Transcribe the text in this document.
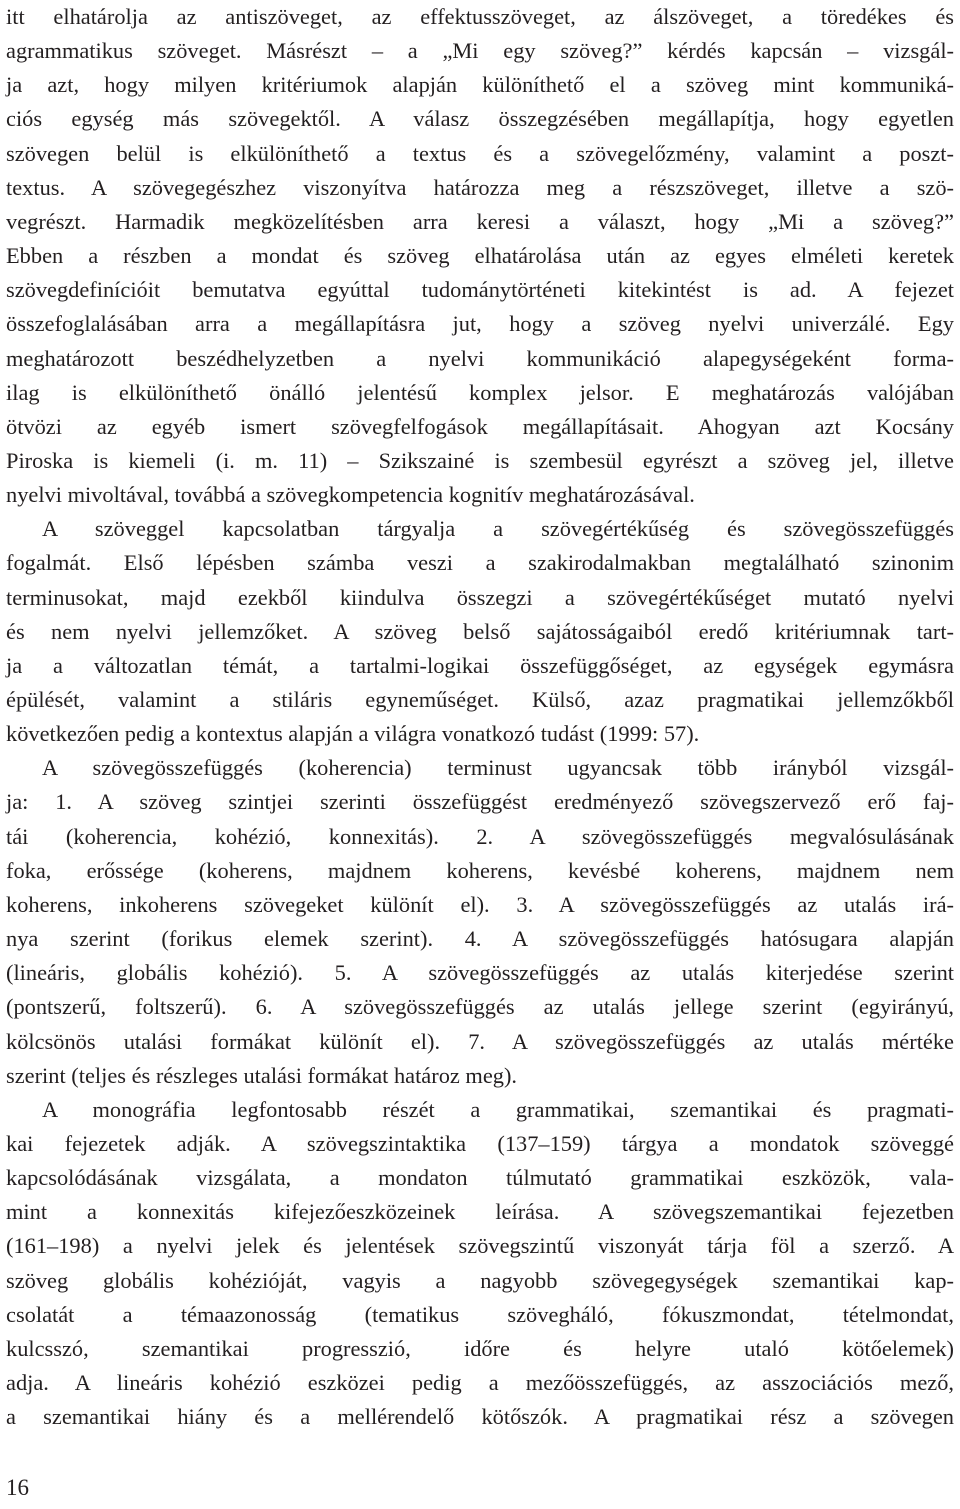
itt elhatárolja az antiszöveget, az effektusszöveget, az álszöveget, a töredékes és
agrammatikus szöveget. Másrészt – a „Mi egy szöveg?” kérdés kapcsán – vizsgál-
ja azt, hogy milyen kritériumok alapján különíthető el a szöveg mint kommuniká-
ciós egység más szövegektől. A válasz összegzésében megállapítja, hogy egyetlen
szövegen belül is elkülöníthető a textus és a szövegelőzmény, valamint a poszt-
textus. A szövegegészhez viszonyítva határozza meg a részszöveget, illetve a szö-
vegrészt. Harmadik megközelítésben arra keresi a választ, hogy „Mi a szöveg?”
Ebben a részben a mondat és szöveg elhatárolása után az egyes elméleti keretek
szövegdefinícióit bemutatva egyúttal tudománytörténeti kitekintést is ad. A fejezet
összefoglalásában arra a megállapításra jut, hogy a szöveg nyelvi univerzálé. Egy
meghatározott beszédhelyzetben a nyelvi kommunikáció alapegységeként forma-
ilag is elkülöníthető önálló jelentésű komplex jelsor. E meghatározás valójában
ötvözi az egyéb ismert szövegfelfogások megállapításait. Ahogyan azt Kocsány
Piroska is kiemeli (i. m. 11) – Szikszainé is szembesül egyrészt a szöveg jel, illetve
nyelvi mivoltával, továbbá a szövegkompetencia kognitív meghatározásával.
A szöveggel kapcsolatban tárgyalja a szövegértékűség és szövegösszefüggés
fogalmát. Első lépésben számba veszi a szakirodalmakban megtalálható szinonim
terminusokat, majd ezekből kiindulva összegzi a szövegértékűséget mutató nyelvi
és nem nyelvi jellemzőket. A szöveg belső sajátosságaiból eredő kritériumnak tart-
ja a változatlan témát, a tartalmi-logikai összefüggőséget, az egységek egymásra
épülését, valamint a stiláris egyneműséget. Külső, azaz pragmatikai jellemzőkből
következően pedig a kontextus alapján a világra vonatkozó tudást (1999: 57).
A szövegösszefüggés (koherencia) terminust ugyancsak több irányból vizsgál-
ja: 1. A szöveg szintjei szerinti összefüggést eredményező szövegszervező erő faj-
tái (koherencia, kohézió, konnexitás). 2. A szövegösszefüggés megvalósulásának
foka, erőssége (koherens, majdnem koherens, kevésbé koherens, majdnem nem
koherens, inkoherens szövegeket különít el). 3. A szövegösszefüggés az utalás irá-
nya szerint (forikus elemek szerint). 4. A szövegösszefüggés hatósugara alapján
(lineáris, globális kohézió). 5. A szövegösszefüggés az utalás kiterjedése szerint
(pontszerű, foltszerű). 6. A szövegösszefüggés az utalás jellege szerint (egyirányú,
kölcsönös utalási formákat különít el). 7. A szövegösszefüggés az utalás mértéke
szerint (teljes és részleges utalási formákat határoz meg).
A monográfia legfontosabb részét a grammatikai, szemantikai és pragmati-
kai fejezetek adják. A szövegszintaktika (137–159) tárgya a mondatok szöveggé
kapcsolódásának vizsgálata, a mondaton túlmutató grammatikai eszközök, vala-
mint a konnexitás kifejezőeszközeinek leírása. A szövegszemantikai fejezetben
(161–198) a nyelvi jelek és jelentések szövegszintű viszonyát tárja föl a szerző. A
szöveg globális kohézióját, vagyis a nagyobb szövegegységek szemantikai kap-
csolatát a témaazonosság (tematikus szövegháló, fókuszmondat, tételmondat,
kulcsszó, szemantikai progresszió, időre és helyre utaló kötőelemek)
adja. A lineáris kohézió eszközei pedig a mezőösszefüggés, az asszociációs mező,
a szemantikai hiány és a mellérendelő kötőszók. A pragmatikai rész a szövegen
16
